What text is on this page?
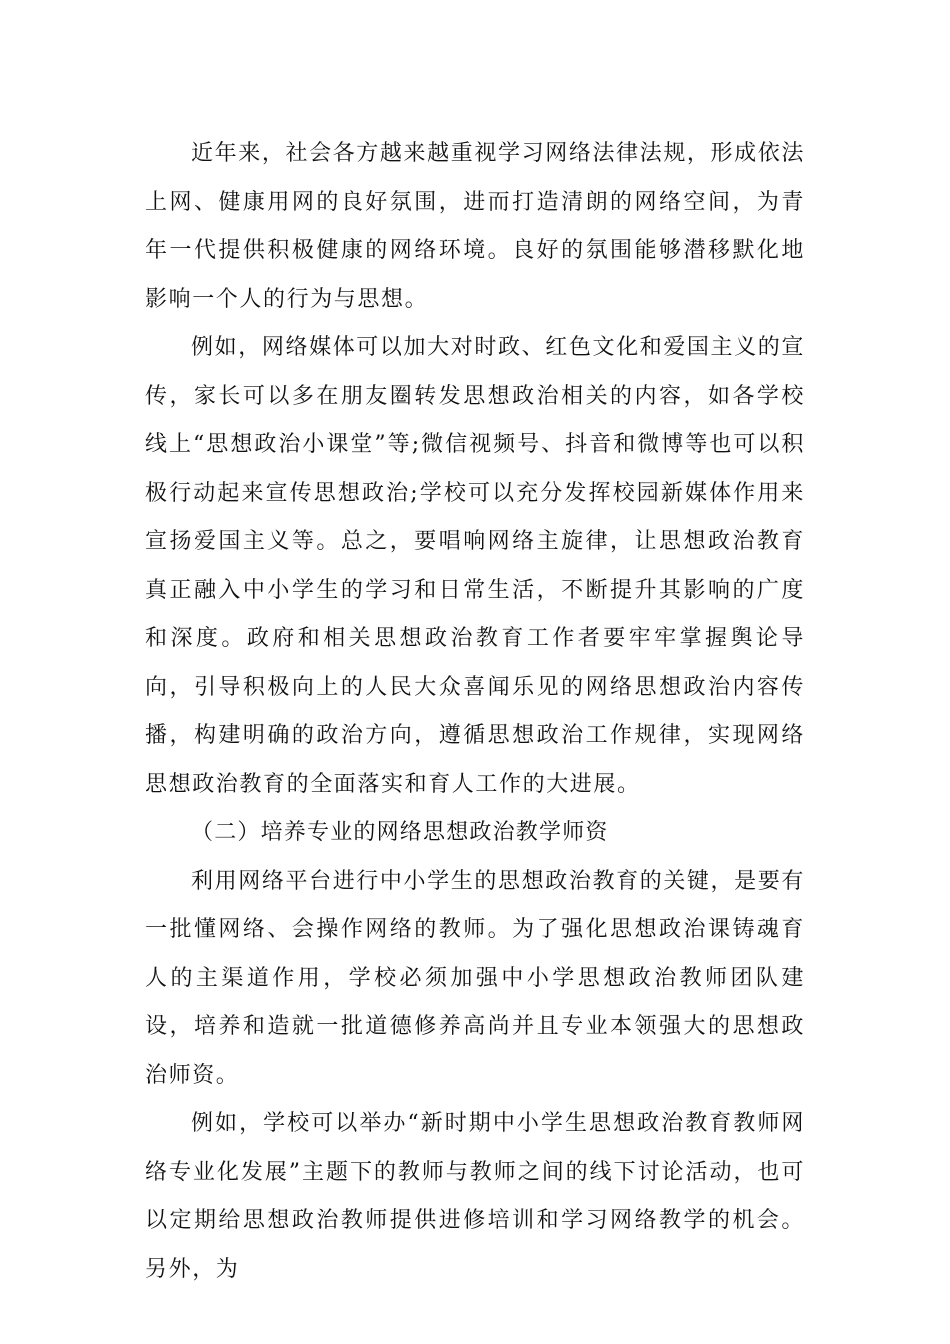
近年来，社会各方越来越重视学习网络法律法规，形成依法上网、健康用网的良好氛围，进而打造清朗的网络空间，为青年一代提供积极健康的网络环境。良好的氛围能够潜移默化地影响一个人的行为与思想。

例如，网络媒体可以加大对时政、红色文化和爱国主义的宣传，家长可以多在朋友圈转发思想政治相关的内容，如各学校线上“思想政治小课堂”等;微信视频号、抖音和微博等也可以积极行动起来宣传思想政治;学校可以充分发挥校园新媒体作用来宣扬爱国主义等。总之，要唱响网络主旋律，让思想政治教育真正融入中小学生的学习和日常生活，不断提升其影响的广度和深度。政府和相关思想政治教育工作者要牢牢掌握舆论导向，引导积极向上的人民大众喜闻乐见的网络思想政治内容传播，构建明确的政治方向，遵循思想政治工作规律，实现网络思想政治教育的全面落实和育人工作的大进展。

（二）培养专业的网络思想政治教学师资

利用网络平台进行中小学生的思想政治教育的关键，是要有一批懂网络、会操作网络的教师。为了强化思想政治课铸魂育人的主渠道作用，学校必须加强中小学思想政治教师团队建设，培养和造就一批道德修养高尚并且专业本领强大的思想政治师资。

例如，学校可以举办“新时期中小学生思想政治教育教师网络专业化发展”主题下的教师与教师之间的线下讨论活动，也可以定期给思想政治教师提供进修培训和学习网络教学的机会。另外，为
